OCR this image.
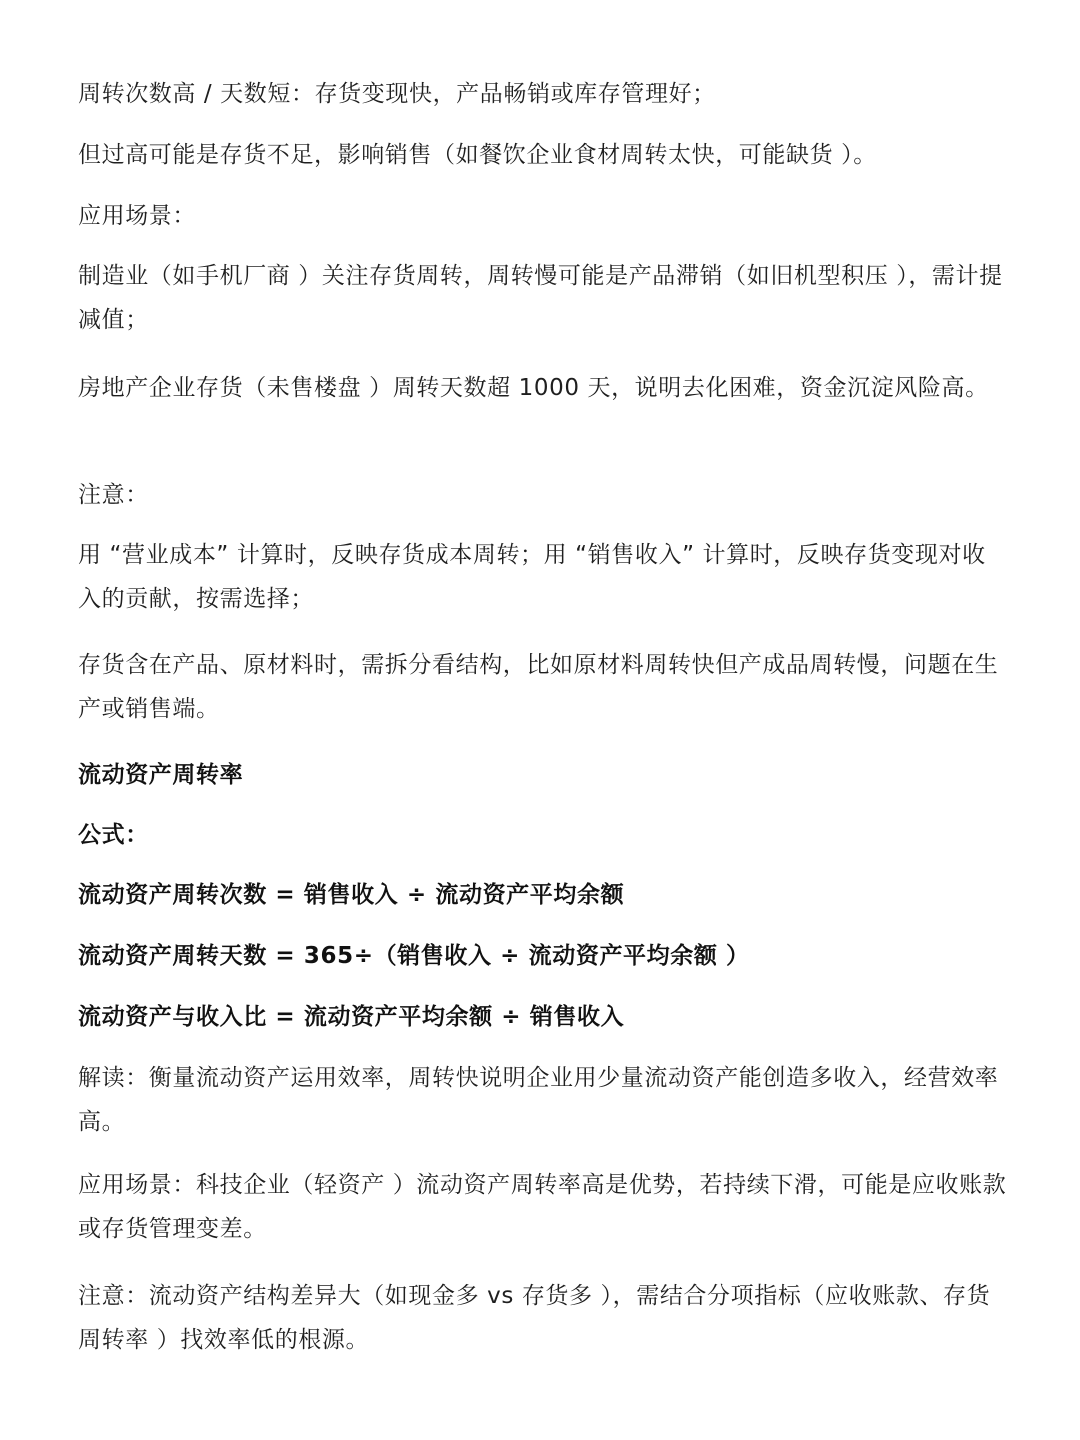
周转次数高 / 天数短：存货变现快，产品畅销或库存管理好；
但过高可能是存货不足，影响销售（如餐饮企业食材周转太快，可能缺货 ）。
应用场景：
制造业（如手机厂商 ）关注存货周转，周转慢可能是产品滞销（如旧机型积压 ），需计提减值；
房地产企业存货（未售楼盘 ）周转天数超 1000 天，说明去化困难，资金沉淀风险高。
注意：
用 “营业成本” 计算时，反映存货成本周转；用 “销售收入” 计算时，反映存货变现对收入的贡献，按需选择；
存货含在产品、原材料时，需拆分看结构，比如原材料周转快但产成品周转慢，问题在生产或销售端。
流动资产周转率
公式：
流动资产周转次数 = 销售收入 ÷ 流动资产平均余额
流动资产周转天数 = 365÷（销售收入 ÷ 流动资产平均余额 ）
流动资产与收入比 = 流动资产平均余额 ÷ 销售收入
解读：衡量流动资产运用效率，周转快说明企业用少量流动资产能创造多收入，经营效率高。
应用场景：科技企业（轻资产 ）流动资产周转率高是优势，若持续下滑，可能是应收账款或存货管理变差。
注意：流动资产结构差异大（如现金多 vs 存货多 ），需结合分项指标（应收账款、存货周转率 ）找效率低的根源。
